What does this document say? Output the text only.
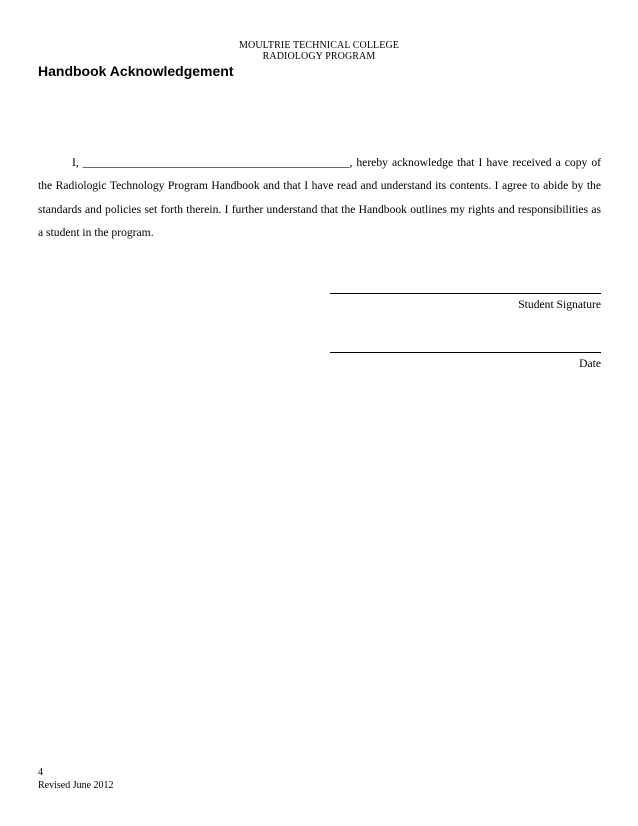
MOULTRIE TECHNICAL COLLEGE
RADIOLOGY PROGRAM
Handbook Acknowledgement
I, ______________________________________________, hereby acknowledge that I have received a copy of the Radiologic Technology Program Handbook and that I have read and understand its contents. I agree to abide by the standards and policies set forth therein. I further understand that the Handbook outlines my rights and responsibilities as a student in the program.
Student Signature
Date
4
Revised June 2012
